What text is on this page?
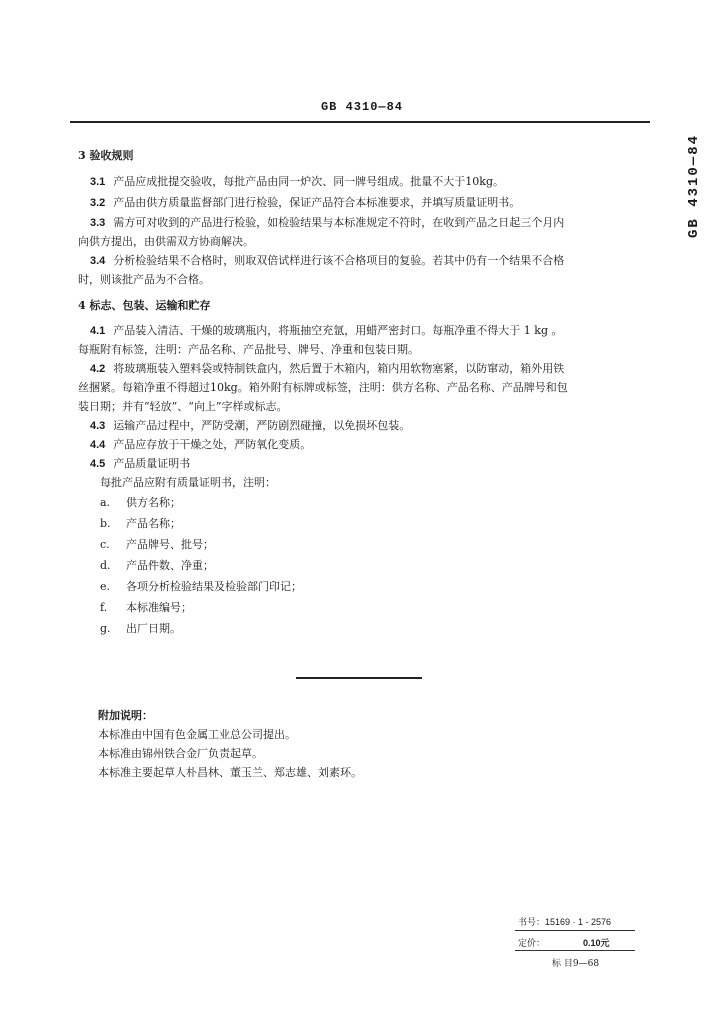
GB 4310—84
GB 4310—84
3 验收规则
3.1 产品应成批提交验收，每批产品由同一炉次、同一牌号组成。批量不大于10kg。
3.2 产品由供方质量监督部门进行检验，保证产品符合本标准要求，并填写质量证明书。
3.3 需方可对收到的产品进行检验，如检验结果与本标准规定不符时，在收到产品之日起三个月内
向供方提出，由供需双方协商解决。
3.4 分析检验结果不合格时，则取双倍试样进行该不合格项目的复验。若其中仍有一个结果不合格
时，则该批产品为不合格。
4 标志、包装、运输和贮存
4.1 产品装入清洁、干燥的玻璃瓶内，将瓶抽空充氩，用蜡严密封口。每瓶净重不得大于 1 kg 。
每瓶附有标签，注明：产品名称、产品批号、牌号、净重和包装日期。
4.2 将玻璃瓶装入塑料袋或特制铁盒内，然后置于木箱内，箱内用软物塞紧，以防窜动，箱外用铁
丝捆紧。每箱净重不得超过10kg。箱外附有标牌或标签，注明：供方名称、产品名称、产品牌号和包
装日期；并有“轻放”、“向上”字样或标志。
4.3 运输产品过程中，严防受潮，严防剧烈碰撞，以免损坏包装。
4.4 产品应存放于干燥之处，严防氧化变质。
4.5 产品质量证明书
每批产品应附有质量证明书，注明：
a. 供方名称；
b. 产品名称；
c. 产品牌号、批号；
d. 产品件数、净重；
e. 各项分析检验结果及检验部门印记；
f. 本标准编号；
g. 出厂日期。
附加说明：
本标准由中国有色金属工业总公司提出。
本标准由锦州铁合金厂负责起草。
本标准主要起草人朴昌林、董玉兰、郑志雄、刘素环。
书号：15169 · 1 - 2576
定价：	0.10元
标 目9—68
